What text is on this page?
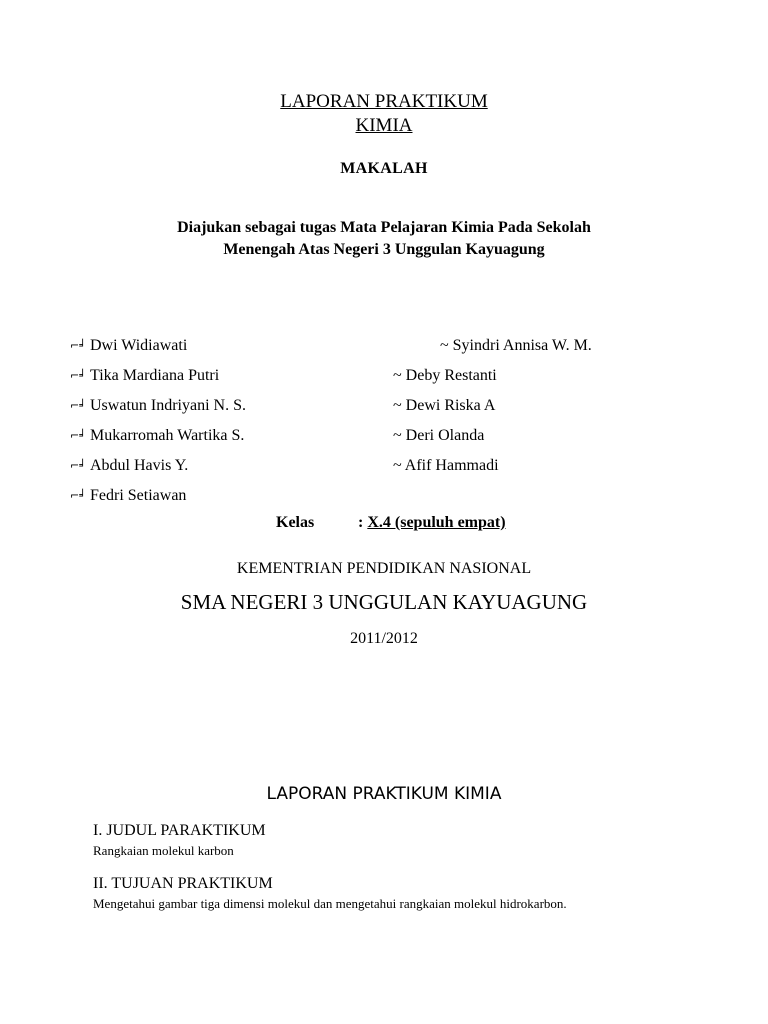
LAPORAN PRAKTIKUM
KIMIA
MAKALAH
Diajukan sebagai tugas Mata Pelajaran Kimia Pada Sekolah
Menengah Atas Negeri 3 Unggulan Kayuagung
⌐╛ Dwi Widiawati
⌐╛ Tika Mardiana Putri
⌐╛ Uswatun Indriyani N. S.
⌐╛ Mukarromah Wartika S.
⌐╛ Abdul Havis Y.
⌐╛ Fedri Setiawan
~ Syindri Annisa W. M.
~ Deby Restanti
~ Dewi Riska A
~ Deri Olanda
~ Afif Hammadi
Kelas	: X.4 (sepuluh empat)
KEMENTRIAN PENDIDIKAN NASIONAL
SMA NEGERI 3 UNGGULAN KAYUAGUNG
2011/2012
LAPORAN PRAKTIKUM KIMIA
I. JUDUL PARAKTIKUM
Rangkaian molekul karbon
II. TUJUAN PRAKTIKUM
Mengetahui gambar tiga dimensi molekul dan mengetahui rangkaian molekul hidrokarbon.
